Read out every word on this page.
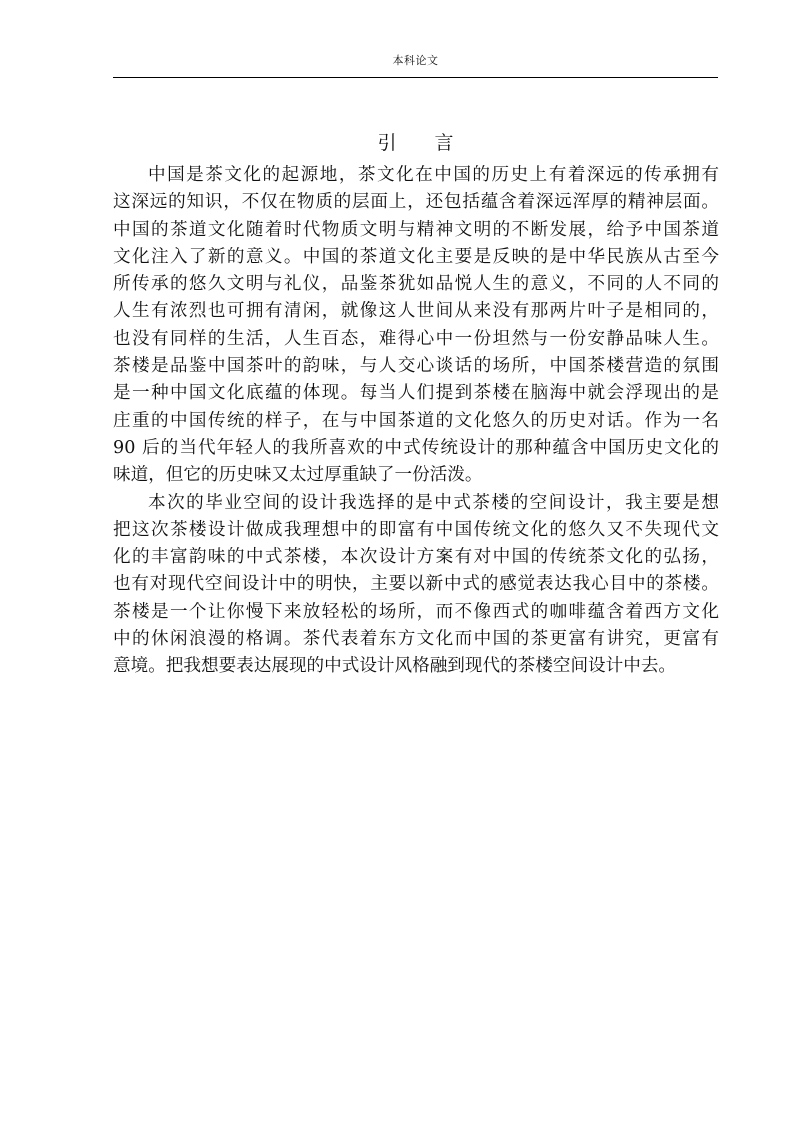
本科论文
引言
中国是茶文化的起源地，茶文化在中国的历史上有着深远的传承拥有
这深远的知识，不仅在物质的层面上，还包括蕴含着深远浑厚的精神层面。
中国的茶道文化随着时代物质文明与精神文明的不断发展，给予中国茶道
文化注入了新的意义。中国的茶道文化主要是反映的是中华民族从古至今
所传承的悠久文明与礼仪，品鉴茶犹如品悦人生的意义，不同的人不同的
人生有浓烈也可拥有清闲，就像这人世间从来没有那两片叶子是相同的，
也没有同样的生活，人生百态，难得心中一份坦然与一份安静品味人生。
茶楼是品鉴中国茶叶的韵味，与人交心谈话的场所，中国茶楼营造的氛围
是一种中国文化底蕴的体现。每当人们提到茶楼在脑海中就会浮现出的是
庄重的中国传统的样子，在与中国茶道的文化悠久的历史对话。作为一名
90 后的当代年轻人的我所喜欢的中式传统设计的那种蕴含中国历史文化的
味道，但它的历史味又太过厚重缺了一份活泼。
本次的毕业空间的设计我选择的是中式茶楼的空间设计，我主要是想
把这次茶楼设计做成我理想中的即富有中国传统文化的悠久又不失现代文
化的丰富韵味的中式茶楼，本次设计方案有对中国的传统茶文化的弘扬，
也有对现代空间设计中的明快，主要以新中式的感觉表达我心目中的茶楼。
茶楼是一个让你慢下来放轻松的场所，而不像西式的咖啡蕴含着西方文化
中的休闲浪漫的格调。茶代表着东方文化而中国的茶更富有讲究，更富有
意境。把我想要表达展现的中式设计风格融到现代的茶楼空间设计中去。
